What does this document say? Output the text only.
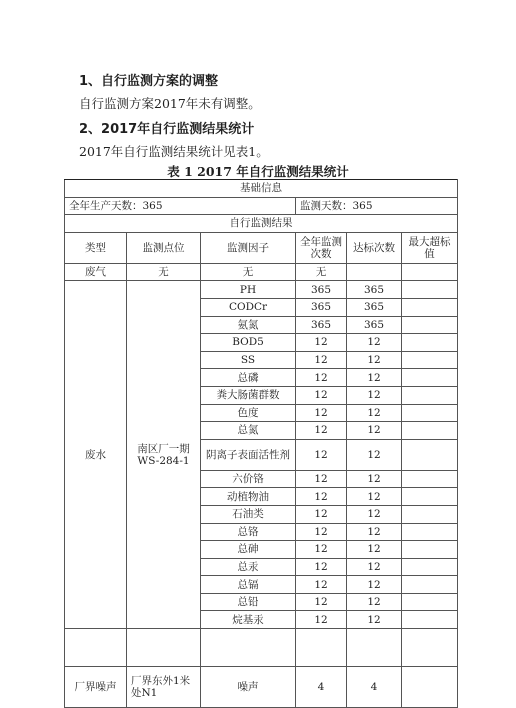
1、自行监测方案的调整
自行监测方案2017年未有调整。
2、2017年自行监测结果统计
2017年自行监测结果统计见表1。
表 1 2017 年自行监测结果统计
基础信息					
全年生产天数：365			监测天数：365		
自行监测结果					
类型	监测点位	监测因子	全年监测次数	达标次数	最大超标值
废气	无	无	无		
废水	南区厂一期 WS-284-1	PH	365	365	
		CODCr	365	365	
		氨氮	365	365	
		BOD5	12	12	
		SS	12	12	
		总磷	12	12	
		粪大肠菌群数	12	12	
		色度	12	12	
		总氮	12	12	
		阴离子表面活性剂	12	12	
		六价铬	12	12	
		动植物油	12	12	
		石油类	12	12	
		总铬	12	12	
		总砷	12	12	
		总汞	12	12	
		总镉	12	12	
		总铅	12	12	
		烷基汞	12	12	

厂界噪声	厂界东外1米处N1	噪声	4	4	
